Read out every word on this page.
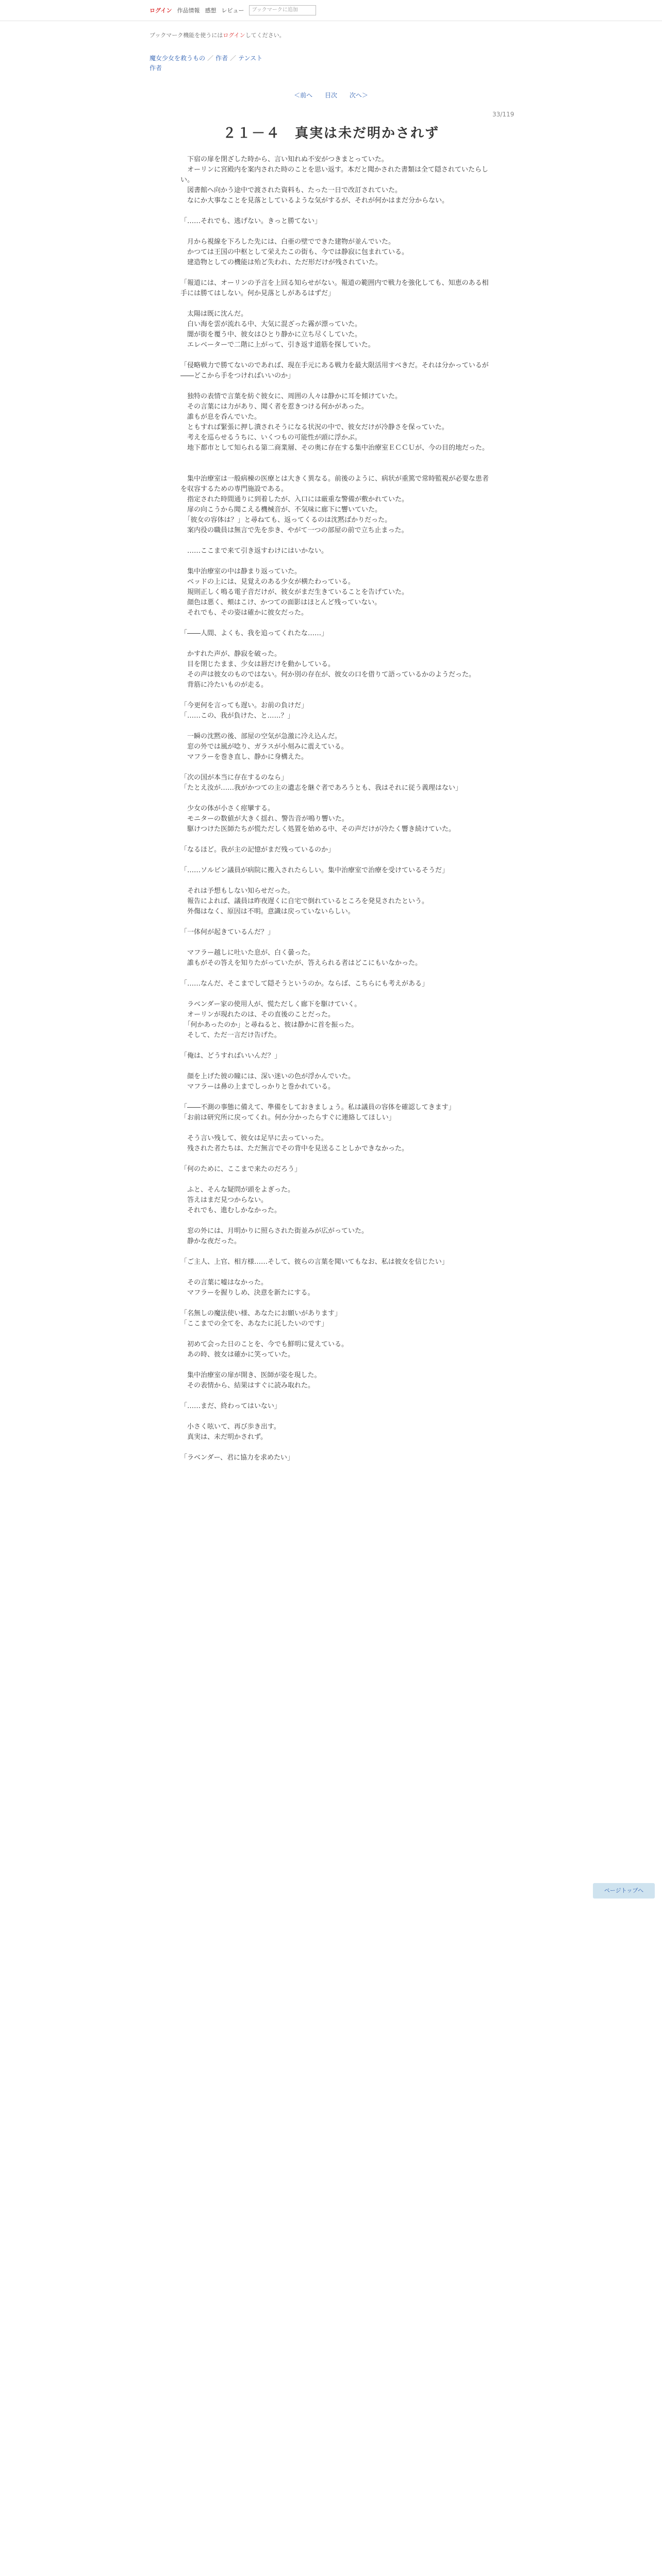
ログイン 作品情報 感想 レビュー	ブックマークに追加
ブックマーク機能を使うにはログインしてください。
魔女少女を救うもの ／ 作者 ／ テンスト
作者
＜前へ 目次 次へ＞
33/119
２１－４　真実は未だ明かされず

　下宿の扉を閉ざした時から、言い知れぬ不安がつきまとっていた。

　オーリンに宮殿内を案内された時のことを思い返す。本だと聞かされた書類は全て隠されていたらしい。

　図書館へ向かう途中で渡された資料も、たった一日で改訂されていた。

　なにか大事なことを見落としているような気がするが、それが何かはまだ分からない。

「……それでも、逃げない。きっと勝てない」

　月から視線を下ろした先には、白亜の壁でできた建物が並んでいた。

　かつては王国の中枢として栄えたこの街も、今では静寂に包まれている。

　建造物としての機能は殆ど失われ、ただ形だけが残されていた。

「報道には、オーリンの予言を上回る知らせがない。報道の範囲内で戦力を強化しても、知恵のある相手には勝てはしない。何か見落としがあるはずだ」

　太陽は既に沈んだ。

　白い海を雲が流れる中、大気に混ざった霧が漂っていた。

　闇が街を覆う中、彼女はひとり静かに立ち尽くしていた。

　エレベーターで二階に上がって、引き返す道筋を探していた。

「侵略戦力で勝てないのであれば、現在手元にある戦力を最大限活用すべきだ。それは分かっているが――どこから手をつければいいのか」

　独特の表情で言葉を紡ぐ彼女に、周囲の人々は静かに耳を傾けていた。

　その言葉には力があり、聞く者を惹きつける何かがあった。

　誰もが息を呑んでいた。

　ともすれば緊張に押し潰されそうになる状況の中で、彼女だけが冷静さを保っていた。

　考えを巡らせるうちに、いくつもの可能性が頭に浮かぶ。

　地下都市として知られる第二商業層、その奥に存在する集中治療室ＥＣＣＵが、今の目的地だった。

　集中治療室は一般病棟の医療とは大きく異なる。前後のように、病状が重篤で常時監視が必要な患者を収容するための専門施設である。

　指定された時間通りに到着したが、入口には厳重な警備が敷かれていた。

　扉の向こうから聞こえる機械音が、不気味に廊下に響いていた。

　「彼女の容体は？」と尋ねても、返ってくるのは沈黙ばかりだった。

　案内役の職員は無言で先を歩き、やがて一つの部屋の前で立ち止まった。

　……ここまで来て引き返すわけにはいかない。

　集中治療室の中は静まり返っていた。

　ベッドの上には、見覚えのある少女が横たわっている。

　規則正しく鳴る電子音だけが、彼女がまだ生きていることを告げていた。

　顔色は悪く、頬はこけ、かつての面影はほとんど残っていない。

　それでも、その姿は確かに彼女だった。

「――人間、よくも、我を追ってくれたな……」

　かすれた声が、静寂を破った。

　目を閉じたまま、少女は唇だけを動かしている。

　その声は彼女のものではない。何か別の存在が、彼女の口を借りて語っているかのようだった。

　背筋に冷たいものが走る。

「今更何を言っても遅い。お前の負けだ」

「……この、我が負けた、と……？」

　一瞬の沈黙の後、部屋の空気が急激に冷え込んだ。

　窓の外では風が唸り、ガラスが小刻みに震えている。

　マフラーを巻き直し、静かに身構えた。

「次の国が本当に存在するのなら」

「たとえ汝が……我がかつての主の遺志を継ぐ者であろうとも、我はそれに従う義理はない」

　少女の体が小さく痙攣する。

　モニターの数値が大きく揺れ、警告音が鳴り響いた。

　駆けつけた医師たちが慌ただしく処置を始める中、その声だけが冷たく響き続けていた。

「なるほど。我が主の記憶がまだ残っているのか」

「……ソルビン議員が病院に搬入されたらしい。集中治療室で治療を受けているそうだ」

　それは予想もしない知らせだった。

　報告によれば、議員は昨夜遅くに自宅で倒れているところを発見されたという。

　外傷はなく、原因は不明。意識は戻っていないらしい。

「一体何が起きているんだ？」

　マフラー越しに吐いた息が、白く曇った。

　誰もがその答えを知りたがっていたが、答えられる者はどこにもいなかった。

「……なんだ、そこまでして隠そうというのか。ならば、こちらにも考えがある」

　ラベンダー家の使用人が、慌ただしく廊下を駆けていく。

　オーリンが現れたのは、その直後のことだった。

　「何かあったのか」と尋ねると、彼は静かに首を振った。

　そして、ただ一言だけ告げた。

「俺は、どうすればいいんだ？」

　顔を上げた彼の瞳には、深い迷いの色が浮かんでいた。

　マフラーは鼻の上までしっかりと巻かれている。

「――不測の事態に備えて、準備をしておきましょう。私は議員の容体を確認してきます」

「お前は研究所に戻ってくれ。何か分かったらすぐに連絡してほしい」

　そう言い残して、彼女は足早に去っていった。

　残された者たちは、ただ無言でその背中を見送ることしかできなかった。

「何のために、ここまで来たのだろう」

　ふと、そんな疑問が頭をよぎった。

　答えはまだ見つからない。

　それでも、進むしかなかった。

　窓の外には、月明かりに照らされた街並みが広がっていた。

　静かな夜だった。

「ご主人、上官、相方様……そして、彼らの言葉を聞いてもなお、私は彼女を信じたい」

　その言葉に嘘はなかった。

　マフラーを握りしめ、決意を新たにする。

「名無しの魔法使い様、あなたにお願いがあります」

「ここまでの全てを、あなたに託したいのです」

　初めて会った日のことを、今でも鮮明に覚えている。

　あの時、彼女は確かに笑っていた。

　集中治療室の扉が開き、医師が姿を現した。

　その表情から、結果はすぐに読み取れた。

「……まだ、終わってはいない」

　小さく呟いて、再び歩き出す。

　真実は、未だ明かされず。

「ラベンダー、君に協力を求めたい」

ページトップへ
